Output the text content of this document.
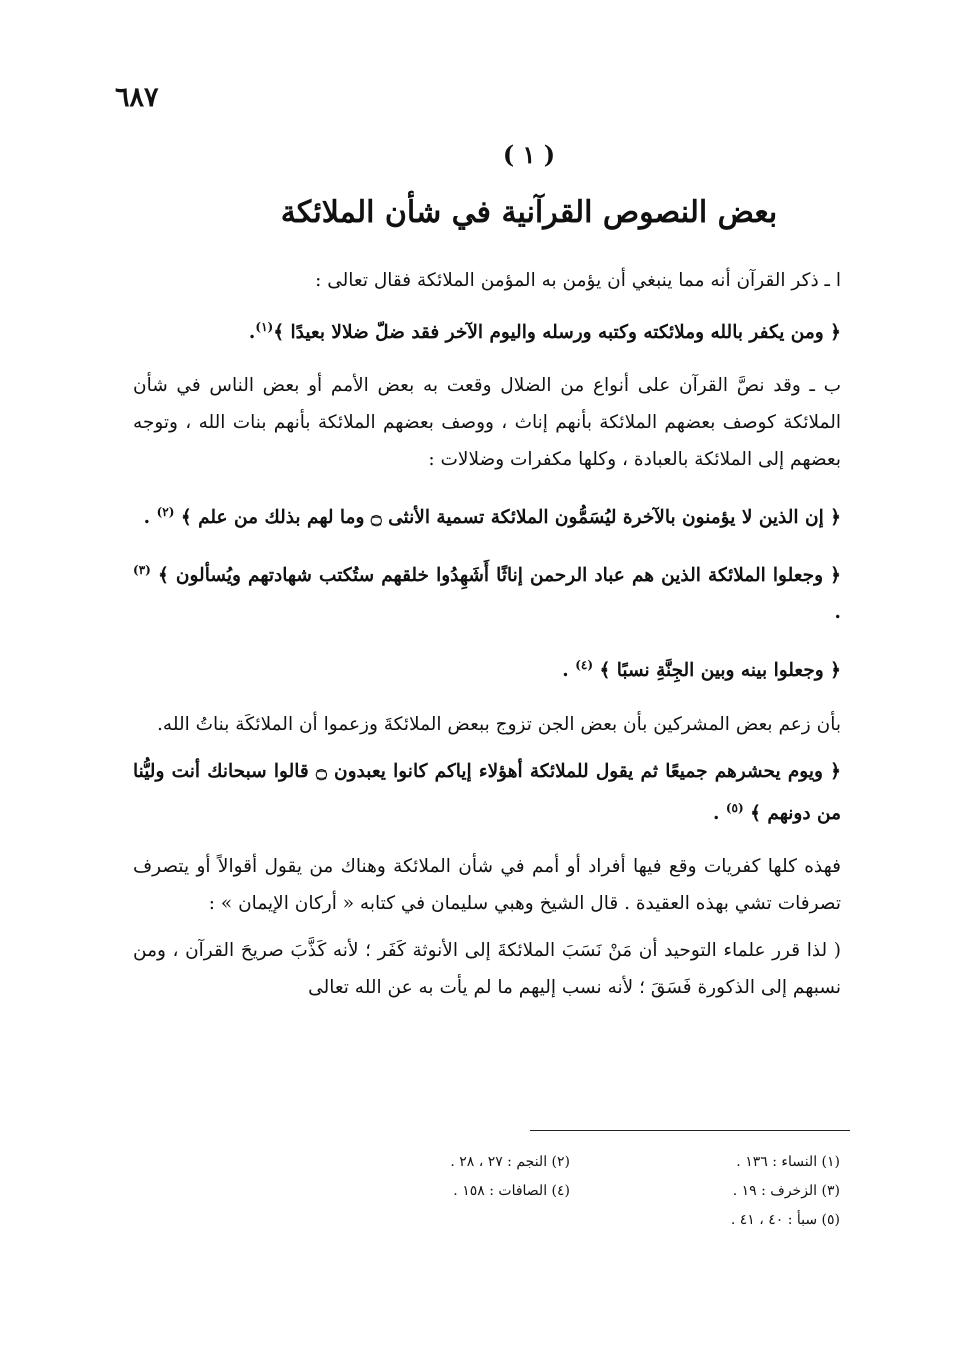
٦٨٧
( ١ )
بعض النصوص القرآنية في شأن الملائكة

ا ـ ذكر القرآن أنه مما ينبغي أن يؤمن به المؤمن الملائكة فقال تعالى :

﴿ ومن يكفر بالله وملائكته وكتبه ورسله واليوم الآخر فقد ضلّ ضلالا بعيدًا ﴾$^{(١)}$.

ب ـ وقد نصَّ القرآن على أنواع من الضلال وقعت به بعض الأمم أو بعض الناس في شأن الملائكة كوصف بعضهم الملائكة بأنهم إناث ، ووصف بعضهم الملائكة بأنهم بنات الله ، وتوجه بعضهم إلى الملائكة بالعبادة ، وكلها مكفرات وضلالات :

﴿ إن الذين لا يؤمنون بالآخرة ليُسَمُّون الملائكة تسمية الأنثى ۝ وما لهم بذلك من علم ﴾ $^{(٢)}$ .

﴿ وجعلوا الملائكة الذين هم عباد الرحمن إناثًا أَشَهِدُوا خلقهم ستُكتب شهادتهم ويُسألون ﴾ $^{(٣)}$ .

﴿ وجعلوا بينه وبين الجِنَّةِ نسبًا ﴾ $^{(٤)}$ .

بأن زعم بعض المشركين بأن بعض الجن تزوج ببعض الملائكةَ وزعموا أن الملائكَة بناتُ الله.

﴿ ويوم يحشرهم جميعًا ثم يقول للملائكة أهؤلاء إياكم كانوا يعبدون ۝ قالوا سبحانك أنت وليُّنا من دونهم ﴾ $^{(٥)}$ .

فهذه كلها كفريات وقع فيها أفراد أو أمم في شأن الملائكة وهناك من يقول أقوالاً أو يتصرف تصرفات تشي بهذه العقيدة . قال الشيخ وهبي سليمان في كتابه « أركان الإيمان » :

( لذا قرر علماء التوحيد أن مَنْ نَسَبَ الملائكةَ إلى الأنوثة كَفَر ؛ لأنه كَذَّبَ صريحَ القرآن ، ومن نسبهم إلى الذكورة فَسَقَ ؛ لأنه نسب إليهم ما لم يأت به عن الله تعالى

(١) النساء : ١٣٦ .
(٢) النجم : ٢٧ ، ٢٨ .
(٣) الزخرف : ١٩ .
(٤) الصافات : ١٥٨ .
(٥) سبأ : ٤٠ ، ٤١ .
